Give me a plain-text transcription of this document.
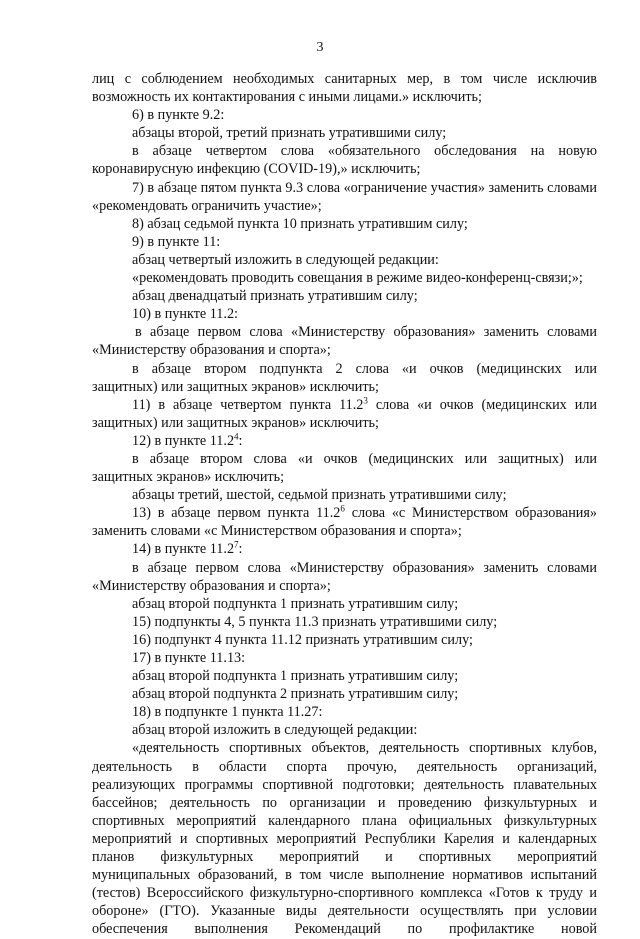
3
лиц с соблюдением необходимых санитарных мер, в том числе исключив
возможность их контактирования с иными лицами.» исключить;
6) в пункте 9.2:
абзацы второй, третий признать утратившими силу;
в абзаце четвертом слова «обязательного обследования на новую
коронавирусную инфекцию (COVID-19),» исключить;
7) в абзаце пятом пункта 9.3 слова «ограничение участия» заменить словами
«рекомендовать ограничить участие»;
8) абзац седьмой пункта 10 признать утратившим силу;
9) в пункте 11:
абзац четвертый изложить в следующей редакции:
«рекомендовать проводить совещания в режиме видео-конференц-связи;»;
абзац двенадцатый признать утратившим силу;
10) в пункте 11.2:
в абзаце первом слова «Министерству образования» заменить словами
«Министерству образования и спорта»;
в абзаце втором подпункта 2 слова «и очков (медицинских или
защитных) или защитных экранов» исключить;
11) в абзаце четвертом пункта 11.2$^3$ слова «и очков (медицинских или
защитных) или защитных экранов» исключить;
12) в пункте 11.2$^4$:
в абзаце втором слова «и очков (медицинских или защитных) или
защитных экранов» исключить;
абзацы третий, шестой, седьмой признать утратившими силу;
13) в абзаце первом пункта 11.2$^6$ слова «с Министерством образования»
заменить словами «с Министерством образования и спорта»;
14) в пункте 11.2$^7$:
в абзаце первом слова «Министерству образования» заменить словами
«Министерству образования и спорта»;
абзац второй подпункта 1 признать утратившим силу;
15) подпункты 4, 5 пункта 11.3 признать утратившими силу;
16) подпункт 4 пункта 11.12 признать утратившим силу;
17) в пункте 11.13:
абзац второй подпункта 1 признать утратившим силу;
абзац второй подпункта 2 признать утратившим силу;
18) в подпункте 1 пункта 11.27:
абзац второй изложить в следующей редакции:
«деятельность спортивных объектов, деятельность спортивных клубов,
деятельность в области спорта прочую, деятельность организаций,
реализующих программы спортивной подготовки; деятельность плавательных
бассейнов; деятельность по организации и проведению физкультурных и
спортивных мероприятий календарного плана официальных физкультурных
мероприятий и спортивных мероприятий Республики Карелия и календарных
планов физкультурных мероприятий и спортивных мероприятий
муниципальных образований, в том числе выполнение нормативов испытаний
(тестов) Всероссийского физкультурно-спортивного комплекса «Готов к труду и
обороне» (ГТО). Указанные виды деятельности осуществлять при условии
обеспечения выполнения Рекомендаций по профилактике новой
